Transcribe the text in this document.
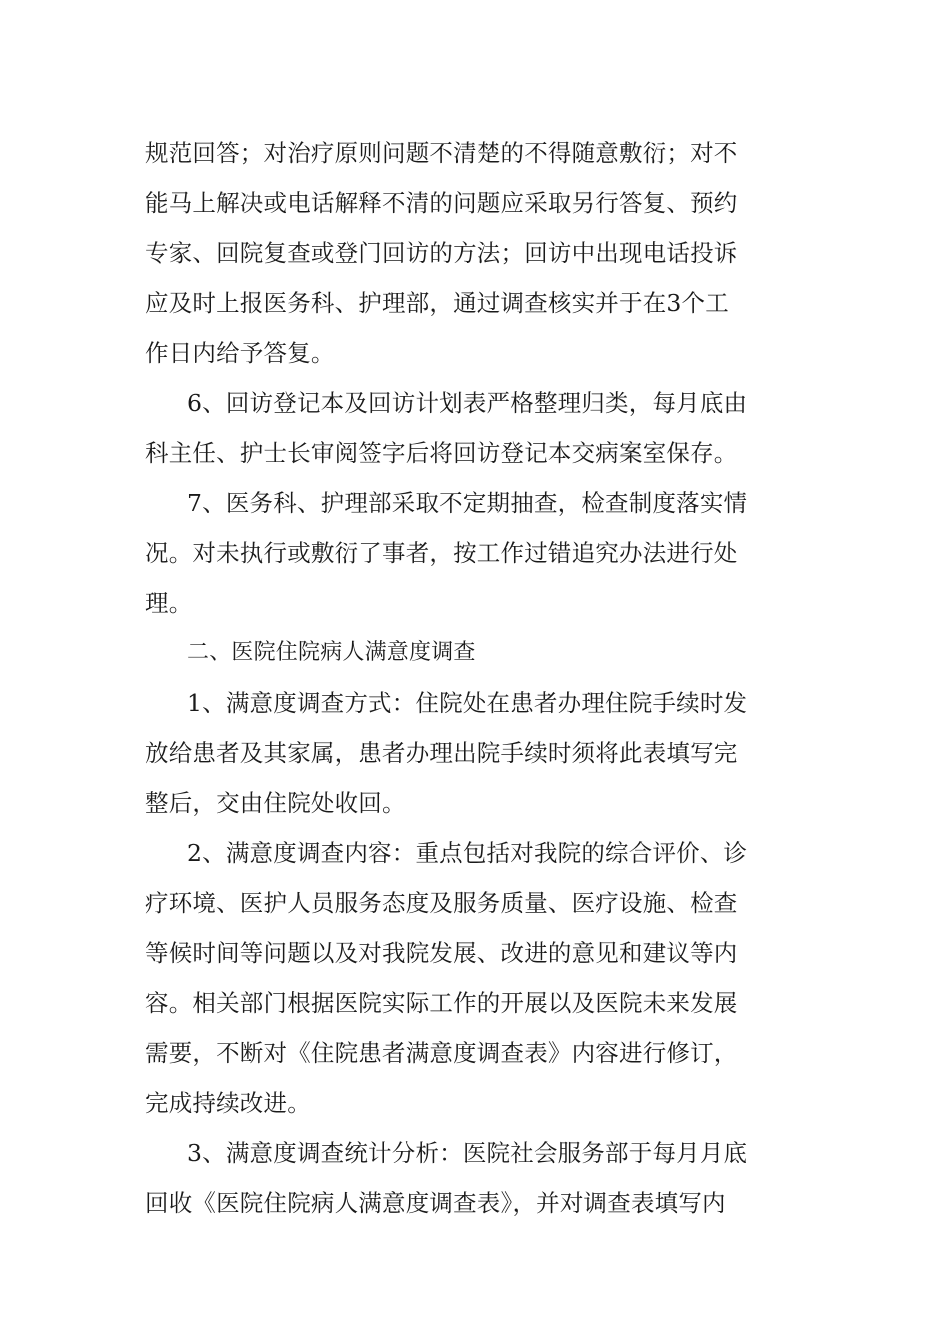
规范回答；对治疗原则问题不清楚的不得随意敷衍；对不
能马上解决或电话解释不清的问题应采取另行答复、预约
专家、回院复查或登门回访的方法；回访中出现电话投诉
应及时上报医务科、护理部，通过调查核实并于在3个工
作日内给予答复。
6、回访登记本及回访计划表严格整理归类，每月底由
科主任、护士长审阅签字后将回访登记本交病案室保存。
7、医务科、护理部采取不定期抽查，检查制度落实情
况。对未执行或敷衍了事者，按工作过错追究办法进行处
理。
二、医院住院病人满意度调查
1、满意度调查方式：住院处在患者办理住院手续时发
放给患者及其家属，患者办理出院手续时须将此表填写完
整后，交由住院处收回。
2、满意度调查内容：重点包括对我院的综合评价、诊
疗环境、医护人员服务态度及服务质量、医疗设施、检查
等候时间等问题以及对我院发展、改进的意见和建议等内
容。相关部门根据医院实际工作的开展以及医院未来发展
需要，不断对《住院患者满意度调查表》内容进行修订，
完成持续改进。
3、满意度调查统计分析：医院社会服务部于每月月底
回收《医院住院病人满意度调查表》，并对调查表填写内
